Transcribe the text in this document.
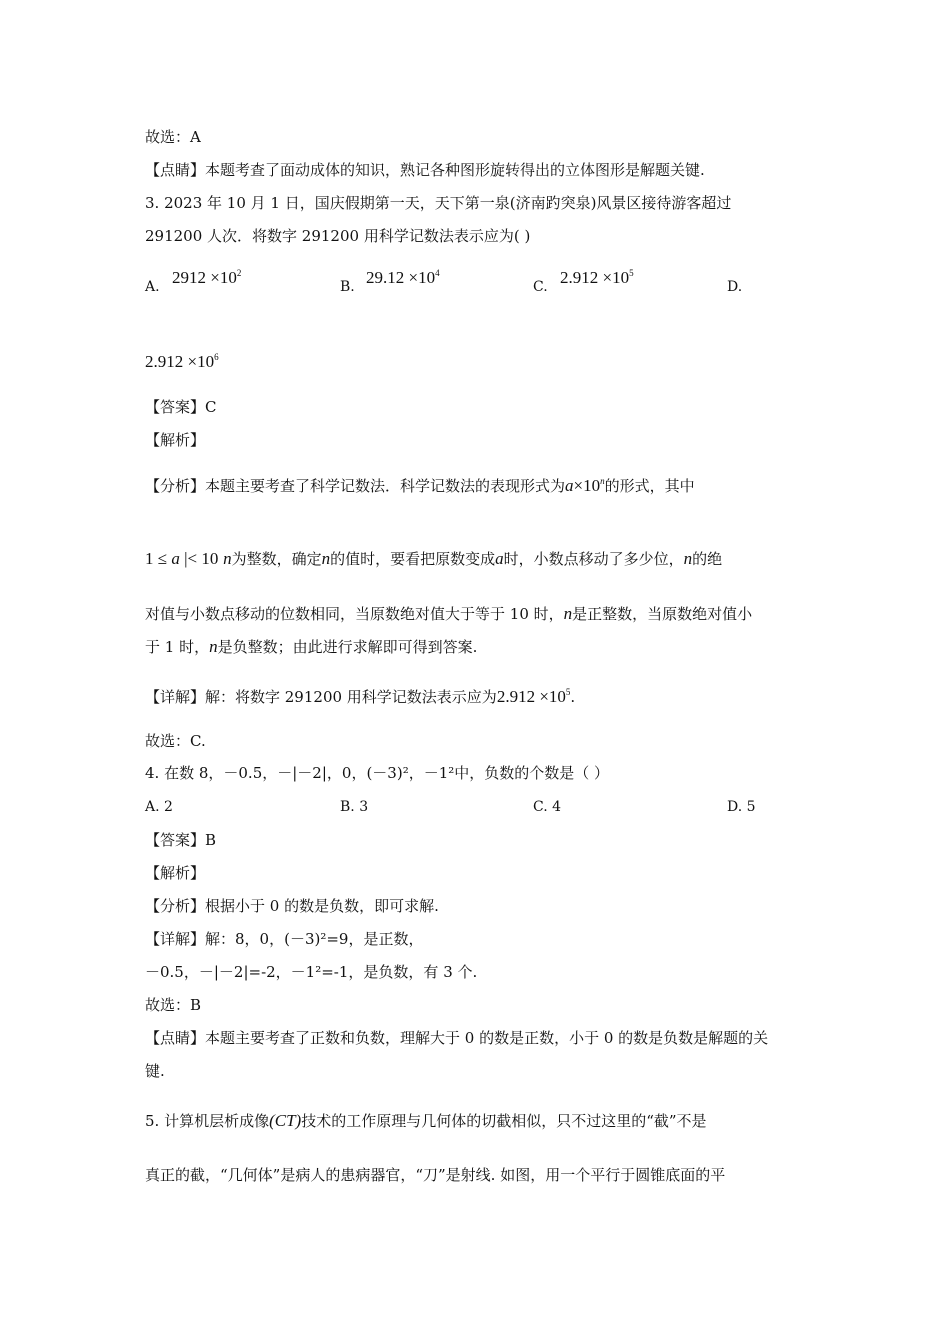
故选：A
【点睛】本题考查了面动成体的知识，熟记各种图形旋转得出的立体图形是解题关键.
3. 2023 年 10 月 1 日，国庆假期第一天，天下第一泉(济南趵突泉)风景区接待游客超过
291200 人次．将数字 291200 用科学记数法表示应为( )
A. $2912 \times 10^2$
B. $29.12 \times 10^4$
C. $2.912 \times 10^5$
D.
$2.912 \times 10^6$
【答案】C
【解析】
【分析】本题主要考查了科学记数法．科学记数法的表现形式为$a\times 10^n$的形式，其中
1 ≤ a |< 10 n为整数，确定n的值时，要看把原数变成a时，小数点移动了多少位，n的绝
对值与小数点移动的位数相同，当原数绝对值大于等于 10 时，n是正整数，当原数绝对值小
于 1 时，n是负整数；由此进行求解即可得到答案.
【详解】解：将数字 291200 用科学记数法表示应为$2.912 \times 10^5$.
故选：C.
4. 在数 8，－0.5，－|－2|，0，(－3)²，－1²中，负数的个数是（ ）
A. 2	B. 3	C. 4	D. 5
【答案】B
【解析】
【分析】根据小于 0 的数是负数，即可求解.
【详解】解：8，0，(－3)²=9，是正数，
－0.5，－|－2|=-2，－1²=-1，是负数，有 3 个.
故选：B
【点睛】本题主要考查了正数和负数，理解大于 0 的数是正数，小于 0 的数是负数是解题的关
键.
5. 计算机层析成像(CT)技术的工作原理与几何体的切截相似，只不过这里的“截”不是
真正的截，“几何体”是病人的患病器官，“刀”是射线. 如图，用一个平行于圆锥底面的平
